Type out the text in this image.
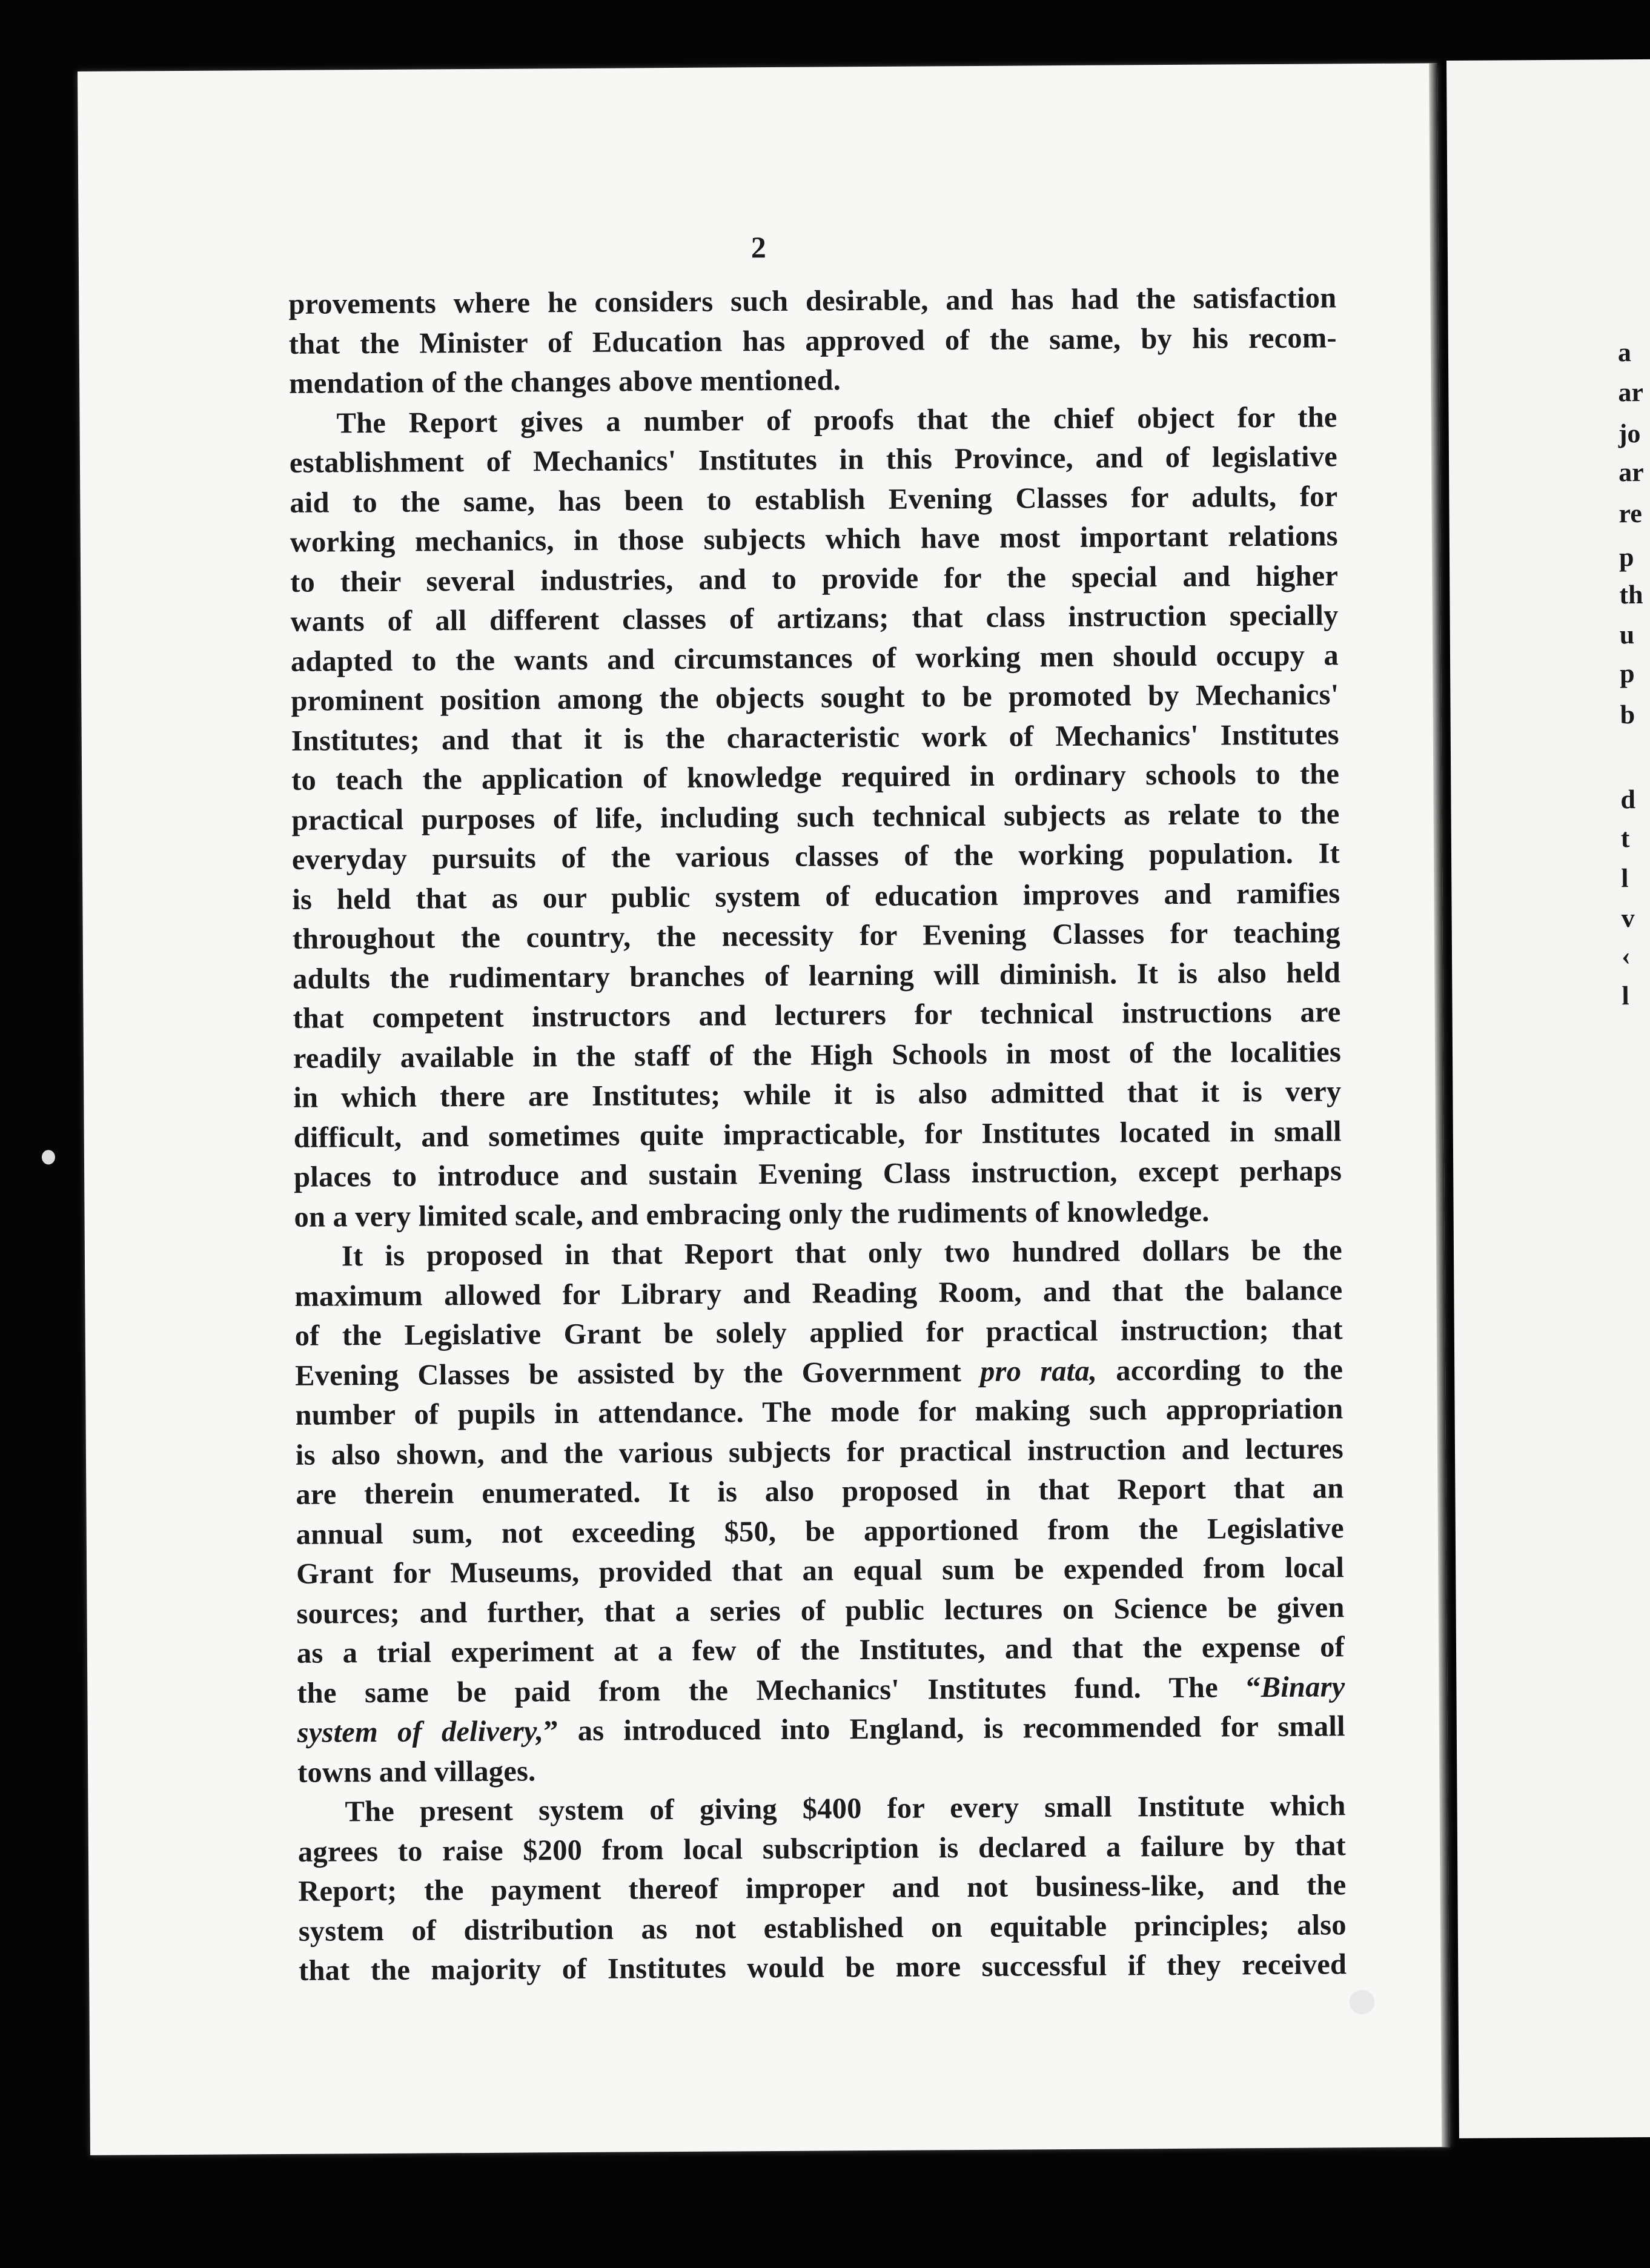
2
provements where he considers such desirable, and has had the satisfaction
that the Minister of Education has approved of the same, by his recom-
mendation of the changes above mentioned.
The Report gives a number of proofs that the chief object for the
establishment of Mechanics' Institutes in this Province, and of legislative
aid to the same, has been to establish Evening Classes for adults, for
working mechanics, in those subjects which have most important relations
to their several industries, and to provide for the special and higher
wants of all different classes of artizans; that class instruction specially
adapted to the wants and circumstances of working men should occupy a
prominent position among the objects sought to be promoted by Mechanics'
Institutes; and that it is the characteristic work of Mechanics' Institutes
to teach the application of knowledge required in ordinary schools to the
practical purposes of life, including such technical subjects as relate to the
everyday pursuits of the various classes of the working population. It
is held that as our public system of education improves and ramifies
throughout the country, the necessity for Evening Classes for teaching
adults the rudimentary branches of learning will diminish. It is also held
that competent instructors and lecturers for technical instructions are
readily available in the staff of the High Schools in most of the localities
in which there are Institutes; while it is also admitted that it is very
difficult, and sometimes quite impracticable, for Institutes located in small
places to introduce and sustain Evening Class instruction, except perhaps
on a very limited scale, and embracing only the rudiments of knowledge.
It is proposed in that Report that only two hundred dollars be the
maximum allowed for Library and Reading Room, and that the balance
of the Legislative Grant be solely applied for practical instruction; that
Evening Classes be assisted by the Government pro rata, according to the
number of pupils in attendance. The mode for making such appropriation
is also shown, and the various subjects for practical instruction and lectures
are therein enumerated. It is also proposed in that Report that an
annual sum, not exceeding $50, be apportioned from the Legislative
Grant for Museums, provided that an equal sum be expended from local
sources; and further, that a series of public lectures on Science be given
as a trial experiment at a few of the Institutes, and that the expense of
the same be paid from the Mechanics' Institutes fund. The “Binary
system of delivery,” as introduced into England, is recommended for small
towns and villages.
The present system of giving $400 for every small Institute which
agrees to raise $200 from local subscription is declared a failure by that
Report; the payment thereof improper and not business-like, and the
system of distribution as not established on equitable principles; also
that the majority of Institutes would be more successful if they received
a
ar
jo
ar
re
p
th
u
p
b
d
t
l
v
‹
l
